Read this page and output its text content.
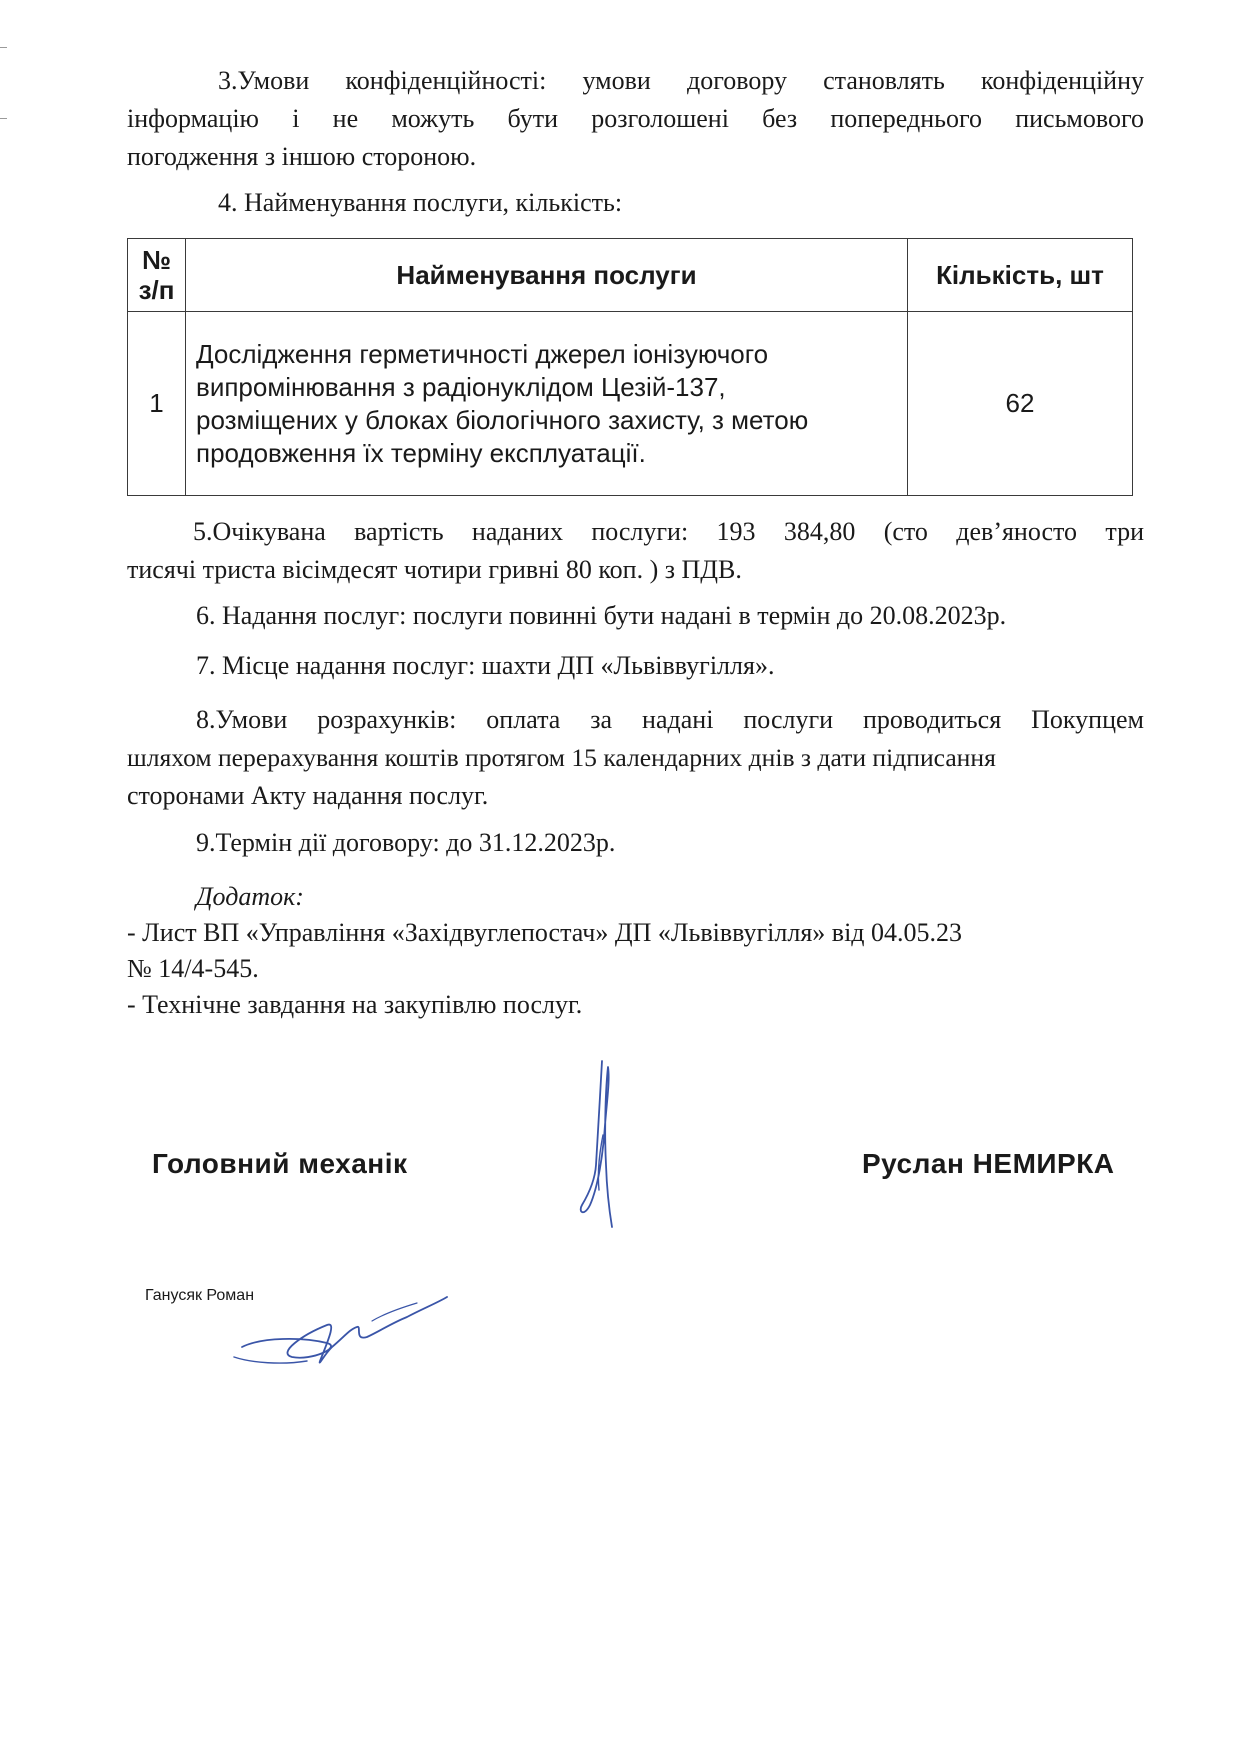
3.Умови конфіденційності: умови договору становлять конфіденційну
інформацію і не можуть бути розголошені без попереднього письмового
погодження з іншою стороною.
4. Найменування послуги, кількість:
№
з/п	Найменування послуги	Кількість, шт
1	Дослідження герметичності джерел іонізуючого
випромінювання з радіонуклідом Цезій-137,
розміщених у блоках біологічного захисту, з метою
продовження їх терміну експлуатації.	62
5.Очікувана вартість наданих послуги: 193 384,80 (сто дев’яносто три
тисячі триста вісімдесят чотири гривні 80 коп. ) з ПДВ.
6. Надання послуг: послуги повинні бути надані в термін до 20.08.2023р.
7. Місце надання послуг: шахти ДП «Львіввугілля».
8.Умови розрахунків: оплата за надані послуги проводиться Покупцем
шляхом перерахування коштів протягом 15 календарних днів з дати підписання
сторонами Акту надання послуг.
9.Термін дії договору: до 31.12.2023р.
Додаток:
- Лист ВП «Управління «Західвуглепостач» ДП «Львіввугілля» від 04.05.23
№ 14/4-545.
- Технічне завдання на закупівлю послуг.
Головний механік	Руслан НЕМИРКА
Ганусяк Роман
